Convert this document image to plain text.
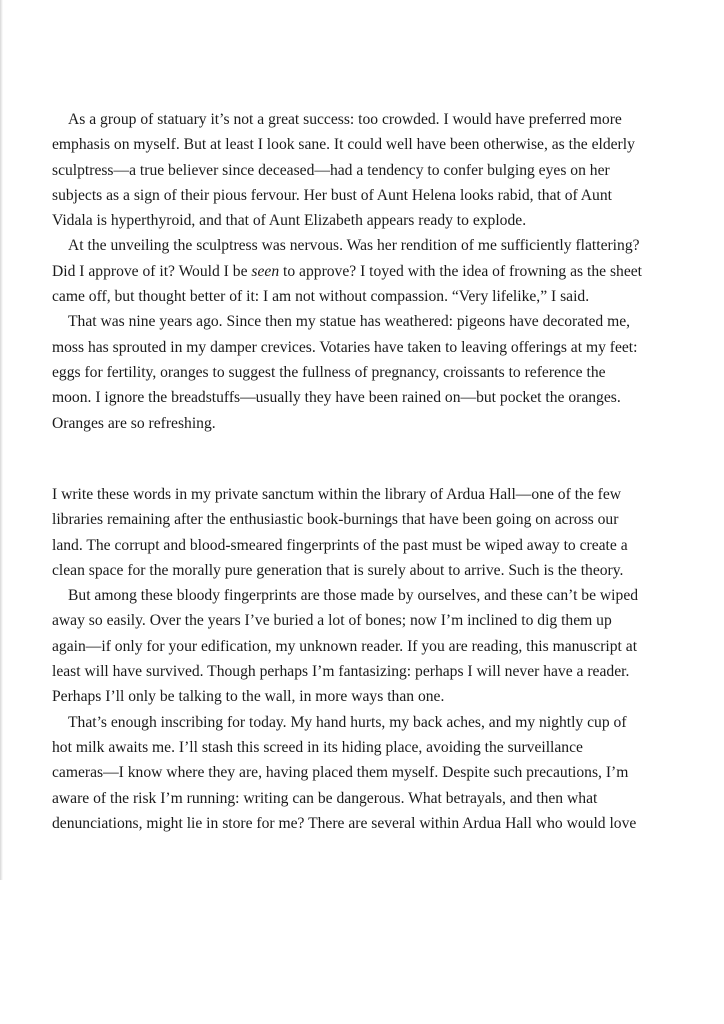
As a group of statuary it’s not a great success: too crowded. I would have preferred more
emphasis on myself. But at least I look sane. It could well have been otherwise, as the elderly
sculptress—a true believer since deceased—had a tendency to confer bulging eyes on her
subjects as a sign of their pious fervour. Her bust of Aunt Helena looks rabid, that of Aunt
Vidala is hyperthyroid, and that of Aunt Elizabeth appears ready to explode.
At the unveiling the sculptress was nervous. Was her rendition of me sufficiently flattering?
Did I approve of it? Would I be seen to approve? I toyed with the idea of frowning as the sheet
came off, but thought better of it: I am not without compassion. “Very lifelike,” I said.
That was nine years ago. Since then my statue has weathered: pigeons have decorated me,
moss has sprouted in my damper crevices. Votaries have taken to leaving offerings at my feet:
eggs for fertility, oranges to suggest the fullness of pregnancy, croissants to reference the
moon. I ignore the breadstuffs—usually they have been rained on—but pocket the oranges.
Oranges are so refreshing.
I write these words in my private sanctum within the library of Ardua Hall—one of the few
libraries remaining after the enthusiastic book-burnings that have been going on across our
land. The corrupt and blood-smeared fingerprints of the past must be wiped away to create a
clean space for the morally pure generation that is surely about to arrive. Such is the theory.
But among these bloody fingerprints are those made by ourselves, and these can’t be wiped
away so easily. Over the years I’ve buried a lot of bones; now I’m inclined to dig them up
again—if only for your edification, my unknown reader. If you are reading, this manuscript at
least will have survived. Though perhaps I’m fantasizing: perhaps I will never have a reader.
Perhaps I’ll only be talking to the wall, in more ways than one.
That’s enough inscribing for today. My hand hurts, my back aches, and my nightly cup of
hot milk awaits me. I’ll stash this screed in its hiding place, avoiding the surveillance
cameras—I know where they are, having placed them myself. Despite such precautions, I’m
aware of the risk I’m running: writing can be dangerous. What betrayals, and then what
denunciations, might lie in store for me? There are several within Ardua Hall who would love
